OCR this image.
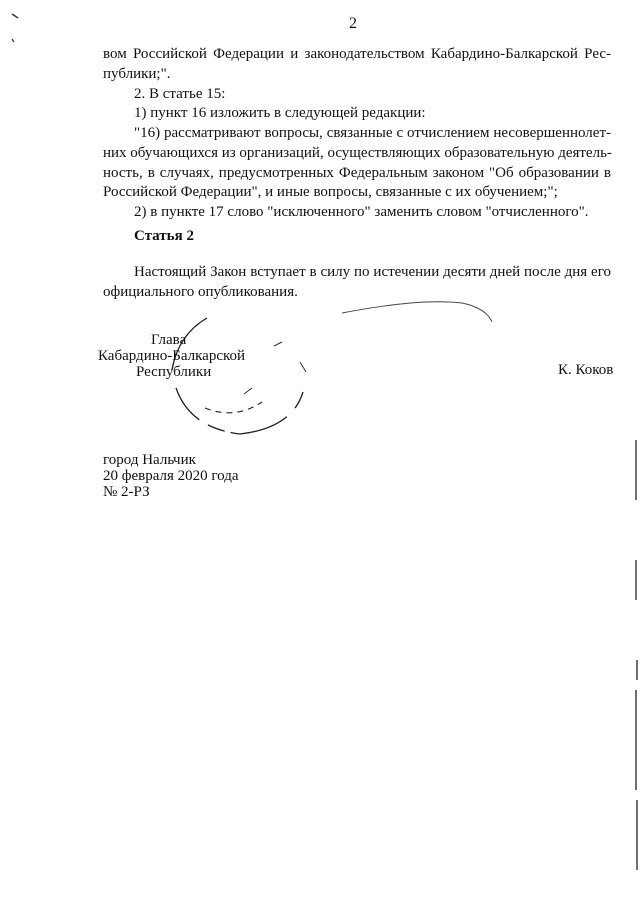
2
вом Российской Федерации и законодательством Кабардино-Балкарской Рес-
публики;".
2. В статье 15:
1) пункт 16 изложить в следующей редакции:
"16) рассматривают вопросы, связанные с отчислением несовершеннолет-
них обучающихся из организаций, осуществляющих образовательную деятель-
ность, в случаях, предусмотренных Федеральным законом "Об образовании в
Российской Федерации", и иные вопросы, связанные с их обучением;";
2) в пункте 17 слово "исключенного" заменить словом "отчисленного".
Статья 2
Настоящий Закон вступает в силу по истечении десяти дней после дня его
официального опубликования.
Глава
Кабардино-Балкарской
Республики	К. Коков
город Нальчик
20 февраля 2020 года
№ 2-РЗ
